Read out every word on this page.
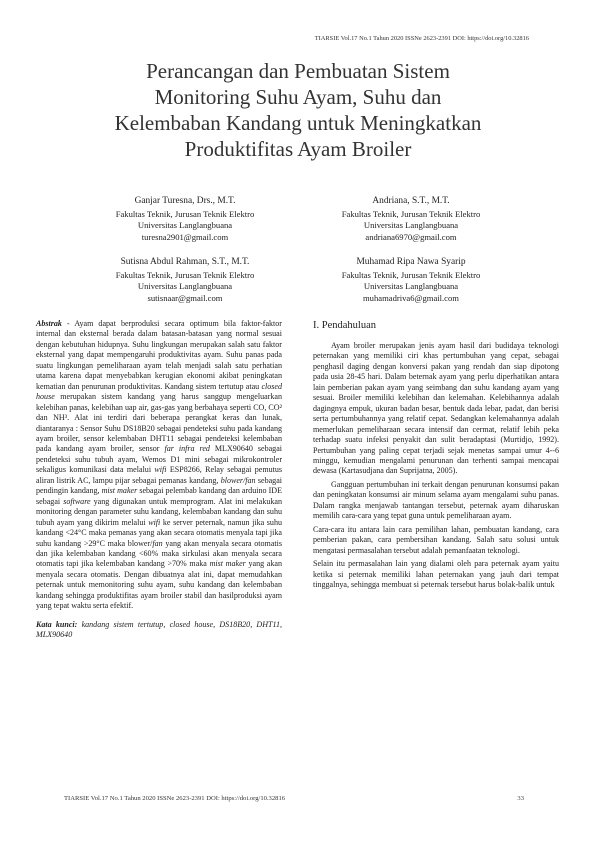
TIARSIE Vol.17 No.1 Tahun 2020 ISSNe 2623-2391 DOI: https://doi.org/10.32816
Perancangan dan Pembuatan Sistem
Monitoring Suhu Ayam, Suhu dan
Kelembaban Kandang untuk Meningkatkan
Produktifitas Ayam Broiler
Ganjar Turesna, Drs., M.T.
Fakultas Teknik, Jurusan Teknik Elektro
Universitas Langlangbuana
turesna2901@gmail.com
Andriana, S.T., M.T.
Fakultas Teknik, Jurusan Teknik Elektro
Universitas Langlangbuana
andriana6970@gmail.com
Sutisna Abdul Rahman, S.T., M.T.
Fakultas Teknik, Jurusan Teknik Elektro
Universitas Langlangbuana
sutisnaar@gmail.com
Muhamad Ripa Nawa Syarip
Fakultas Teknik, Jurusan Teknik Elektro
Universitas Langlangbuana
muhamadriva6@gmail.com

Abstrak - Ayam dapat berproduksi secara optimum bila faktor-faktor internal dan eksternal berada dalam batasan-batasan yang normal sesuai dengan kebutuhan hidupnya. Suhu lingkungan merupakan salah satu faktor eksternal yang dapat mempengaruhi produktivitas ayam. Suhu panas pada suatu lingkungan pemeliharaan ayam telah menjadi salah satu perhatian utama karena dapat menyebabkan kerugian ekonomi akibat peningkatan kematian dan penurunan produktivitas. Kandang sistem tertutup atau closed house merupakan sistem kandang yang harus sanggup mengeluarkan kelebihan panas, kelebihan uap air, gas-gas yang berbahaya seperti CO, CO² dan NH³. Alat ini terdiri dari beberapa perangkat keras dan lunak, diantaranya : Sensor Suhu DS18B20 sebagai pendeteksi suhu pada kandang ayam broiler, sensor kelembaban DHT11 sebagai pendeteksi kelembaban pada kandang ayam broiler, sensor far infra red MLX90640 sebagai pendeteksi suhu tubuh ayam, Wemos D1 mini sebagai mikrokontroler sekaligus komunikasi data melalui wifi ESP8266, Relay sebagai pemutus aliran listrik AC, lampu pijar sebagai pemanas kandang, blower/fan sebagai pendingin kandang, mist maker sebagai pelembab kandang dan arduino IDE sebagai software yang digunakan untuk memprogram. Alat ini melakukan monitoring dengan parameter suhu kandang, kelembaban kandang dan suhu tubuh ayam yang dikirim melalui wifi ke server peternak, namun jika suhu kandang <24°C maka pemanas yang akan secara otomatis menyala tapi jika suhu kandang >29°C maka blower/fan yang akan menyala secara otomatis dan jika kelembaban kandang <60% maka sirkulasi akan menyala secara otomatis tapi jika kelembaban kandang >70% maka mist maker yang akan menyala secara otomatis. Dengan dibuatnya alat ini, dapat memudahkan peternak untuk memonitoring suhu ayam, suhu kandang dan kelembaban kandang sehingga produktifitas ayam broiler stabil dan hasilproduksi ayam yang tepat waktu serta efektif.

Kata kunci: kandang sistem tertutup, closed house, DS18B20, DHT11, MLX90640

I. Pendahuluan

Ayam broiler merupakan jenis ayam hasil dari budidaya teknologi peternakan yang memiliki ciri khas pertumbuhan yang cepat, sebagai penghasil daging dengan konversi pakan yang rendah dan siap dipotong pada usia 28-45 hari. Dalam beternak ayam yang perlu diperhatikan antara lain pemberian pakan ayam yang seimbang dan suhu kandang ayam yang sesuai. Broiler memiliki kelebihan dan kelemahan. Kelebihannya adalah dagingnya empuk, ukuran badan besar, bentuk dada lebar, padat, dan berisi serta pertumbuhannya yang relatif cepat. Sedangkan kelemahannya adalah memerlukan pemeliharaan secara intensif dan cermat, relatif lebih peka terhadap suatu infeksi penyakit dan sulit beradaptasi (Murtidjo, 1992). Pertumbuhan yang paling cepat terjadi sejak menetas sampai umur 4--6 minggu, kemudian mengalami penurunan dan terhenti sampai mencapai dewasa (Kartasudjana dan Suprijatna, 2005).

Gangguan pertumbuhan ini terkait dengan penurunan konsumsi pakan dan peningkatan konsumsi air minum selama ayam mengalami suhu panas. Dalam rangka menjawab tantangan tersebut, peternak ayam diharuskan memilih cara-cara yang tepat guna untuk pemeliharaan ayam.

Cara-cara itu antara lain cara pemilihan lahan, pembuatan kandang, cara pemberian pakan, cara pembersihan kandang. Salah satu solusi untuk mengatasi permasalahan tersebut adalah pemanfaatan teknologi.

Selain itu permasalahan lain yang dialami oleh para peternak ayam yaitu ketika si peternak memiliki lahan peternakan yang jauh dari tempat tinggalnya, sehingga membuat si peternak tersebut harus bolak-balik untuk

TIARSIE Vol.17 No.1 Tahun 2020 ISSNe 2623-2391 DOI: https://doi.org/10.32816	33
